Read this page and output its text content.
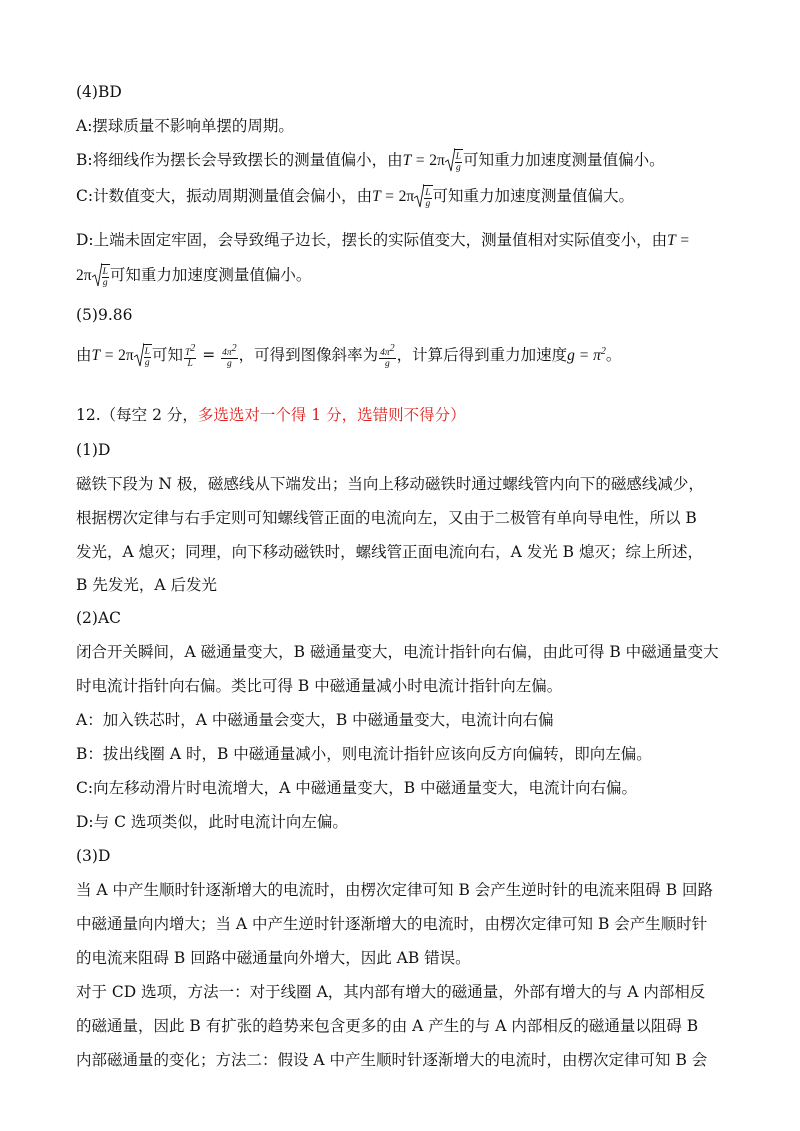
(4)BD
A:摆球质量不影响单摆的周期。
B:将细线作为摆长会导致摆长的测量值偏小，由$T = 2\pi \frac{L}{g}$ 可知重力加速度测量值偏小。
C:计数值变大，振动周期测量值会偏小，由$T = 2\pi \frac{L}{g}$ 可知重力加速度测量值偏大。
D:上端未固定牢固，会导致绳子边长，摆长的实际值变大，测量值相对实际值变小，由T =
$2\pi \frac{L}{g}$ 可知重力加速度测量值偏小。
(5)9.86
由$T = 2\pi \frac{L}{g}$ 可知 $\frac{T^2}{L} = \frac{4\pi^2}{g}$ ，可得到图像斜率为 $\frac{4\pi^2}{g}$ ，计算后得到重力加速度$g = \pi^2$。
12.（每空 2 分，多选选对一个得 1 分，选错则不得分）
(1)D
磁铁下段为 N 极，磁感线从下端发出；当向上移动磁铁时通过螺线管内向下的磁感线减少，
根据楞次定律与右手定则可知螺线管正面的电流向左，又由于二极管有单向导电性，所以 B
发光，A 熄灭；同理，向下移动磁铁时，螺线管正面电流向右，A 发光 B 熄灭；综上所述，
B 先发光，A 后发光
(2)AC
闭合开关瞬间，A 磁通量变大，B 磁通量变大，电流计指针向右偏，由此可得 B 中磁通量变大
时电流计指针向右偏。类比可得 B 中磁通量减小时电流计指针向左偏。
A：加入铁芯时，A 中磁通量会变大，B 中磁通量变大，电流计向右偏
B：拔出线圈 A 时，B 中磁通量减小，则电流计指针应该向反方向偏转，即向左偏。
C:向左移动滑片时电流增大，A 中磁通量变大，B 中磁通量变大，电流计向右偏。
D:与 C 选项类似，此时电流计向左偏。
(3)D
当 A 中产生顺时针逐渐增大的电流时，由楞次定律可知 B 会产生逆时针的电流来阻碍 B 回路
中磁通量向内增大；当 A 中产生逆时针逐渐增大的电流时，由楞次定律可知 B 会产生顺时针
的电流来阻碍 B 回路中磁通量向外增大，因此 AB 错误。
对于 CD 选项，方法一：对于线圈 A，其内部有增大的磁通量，外部有增大的与 A 内部相反
的磁通量，因此 B 有扩张的趋势来包含更多的由 A 产生的与 A 内部相反的磁通量以阻碍 B
内部磁通量的变化；方法二：假设 A 中产生顺时针逐渐增大的电流时，由楞次定律可知 B 会
